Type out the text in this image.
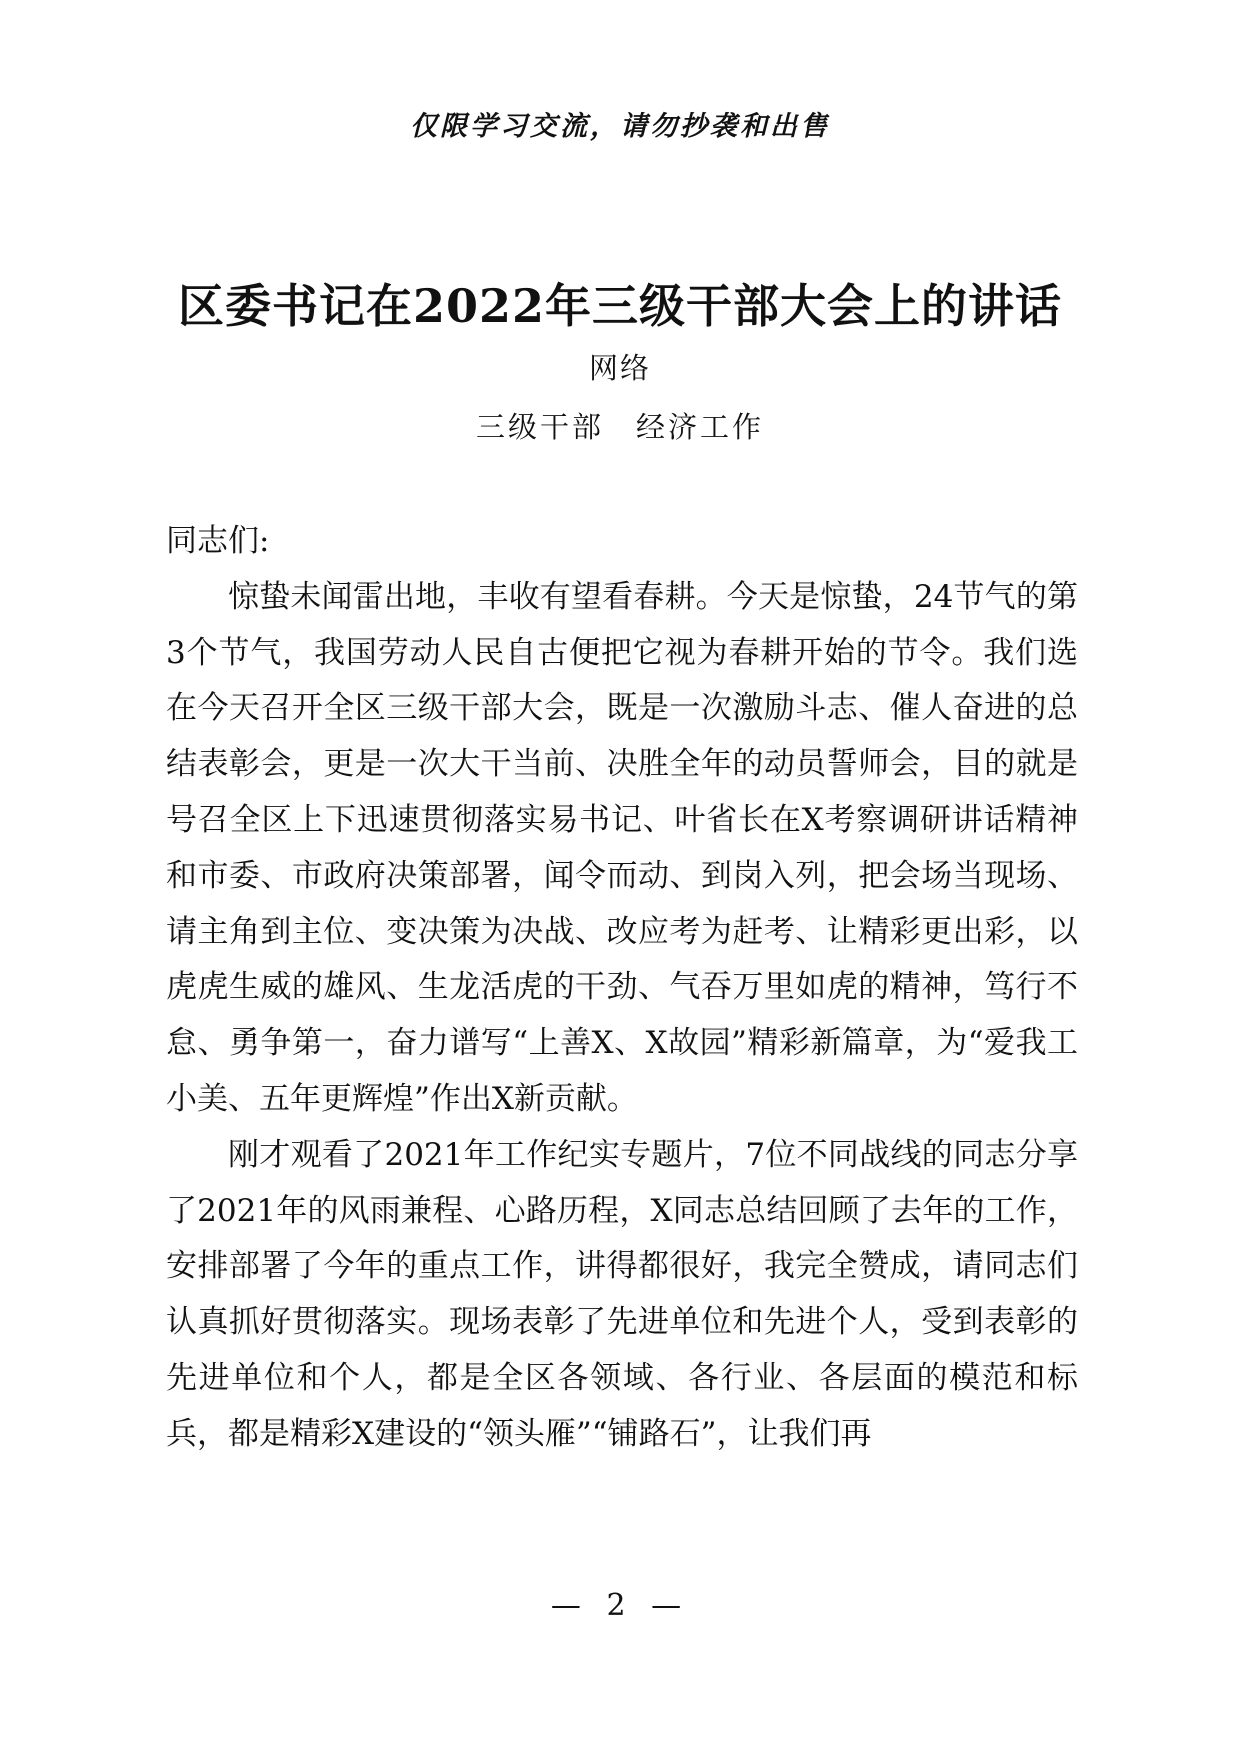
仅限学习交流，请勿抄袭和出售
区委书记在2022年三级干部大会上的讲话
网络
三级干部　经济工作

同志们:

惊蛰未闻雷出地，丰收有望看春耕。今天是惊蛰，24节气的第3个节气，我国劳动人民自古便把它视为春耕开始的节令。我们选在今天召开全区三级干部大会，既是一次激励斗志、催人奋进的总结表彰会，更是一次大干当前、决胜全年的动员誓师会，目的就是号召全区上下迅速贯彻落实易书记、叶省长在X考察调研讲话精神和市委、市政府决策部署，闻令而动、到岗入列，把会场当现场、请主角到主位、变决策为决战、改应考为赶考、让精彩更出彩，以虎虎生威的雄风、生龙活虎的干劲、气吞万里如虎的精神，笃行不怠、勇争第一，奋力谱写“上善X、X故园”精彩新篇章，为“爱我工小美、五年更辉煌”作出X新贡献。

刚才观看了2021年工作纪实专题片，7位不同战线的同志分享了2021年的风雨兼程、心路历程，X同志总结回顾了去年的工作，安排部署了今年的重点工作，讲得都很好，我完全赞成，请同志们认真抓好贯彻落实。现场表彰了先进单位和先进个人，受到表彰的先进单位和个人，都是全区各领域、各行业、各层面的模范和标兵，都是精彩X建设的“领头雁”“铺路石”，让我们再

— 2 —
